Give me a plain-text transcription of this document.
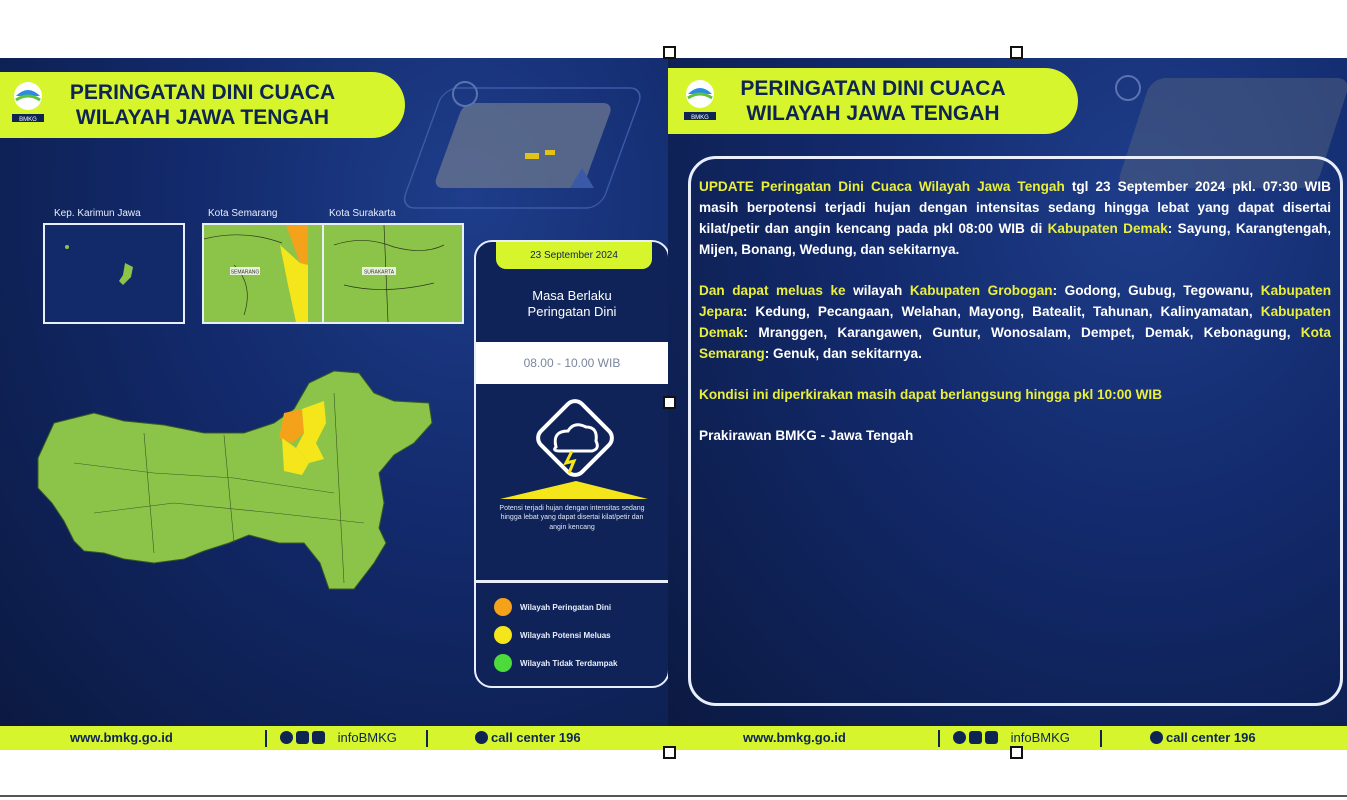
PERINGATAN DINI CUACA
WILAYAH JAWA TENGAH
BMKG
Kep. Karimun Jawa	Kota Semarang	Kota Surakarta
SEMARANG	SURAKARTA
23 September 2024
Masa Berlaku
Peringatan Dini
08.00 - 10.00 WIB
Potensi terjadi hujan dengan intensitas sedang hingga lebat yang dapat disertai kilat/petir dan angin kencang
Wilayah Peringatan Dini
Wilayah Potensi Meluas
Wilayah Tidak Terdampak
PERINGATAN DINI CUACA
WILAYAH JAWA TENGAH
BMKG

UPDATE Peringatan Dini Cuaca Wilayah Jawa Tengah tgl 23 September 2024 pkl. 07:30 WIB masih berpotensi terjadi hujan dengan intensitas sedang hingga lebat yang dapat disertai kilat/petir dan angin kencang pada pkl 08:00 WIB di Kabupaten Demak: Sayung, Karangtengah, Mijen, Bonang, Wedung, dan sekitarnya.

Dan dapat meluas ke wilayah Kabupaten Grobogan: Godong, Gubug, Tegowanu, Kabupaten Jepara: Kedung, Pecangaan, Welahan, Mayong, Batealit, Tahunan, Kalinyamatan, Kabupaten Demak: Mranggen, Karangawen, Guntur, Wonosalam, Dempet, Demak, Kebonagung, Kota Semarang: Genuk, dan sekitarnya.

Kondisi ini diperkirakan masih dapat berlangsung hingga pkl 10:00 WIB

Prakirawan BMKG - Jawa Tengah

www.bmkg.go.id	infoBMKG	call center 196	www.bmkg.go.id	infoBMKG	call center 196
